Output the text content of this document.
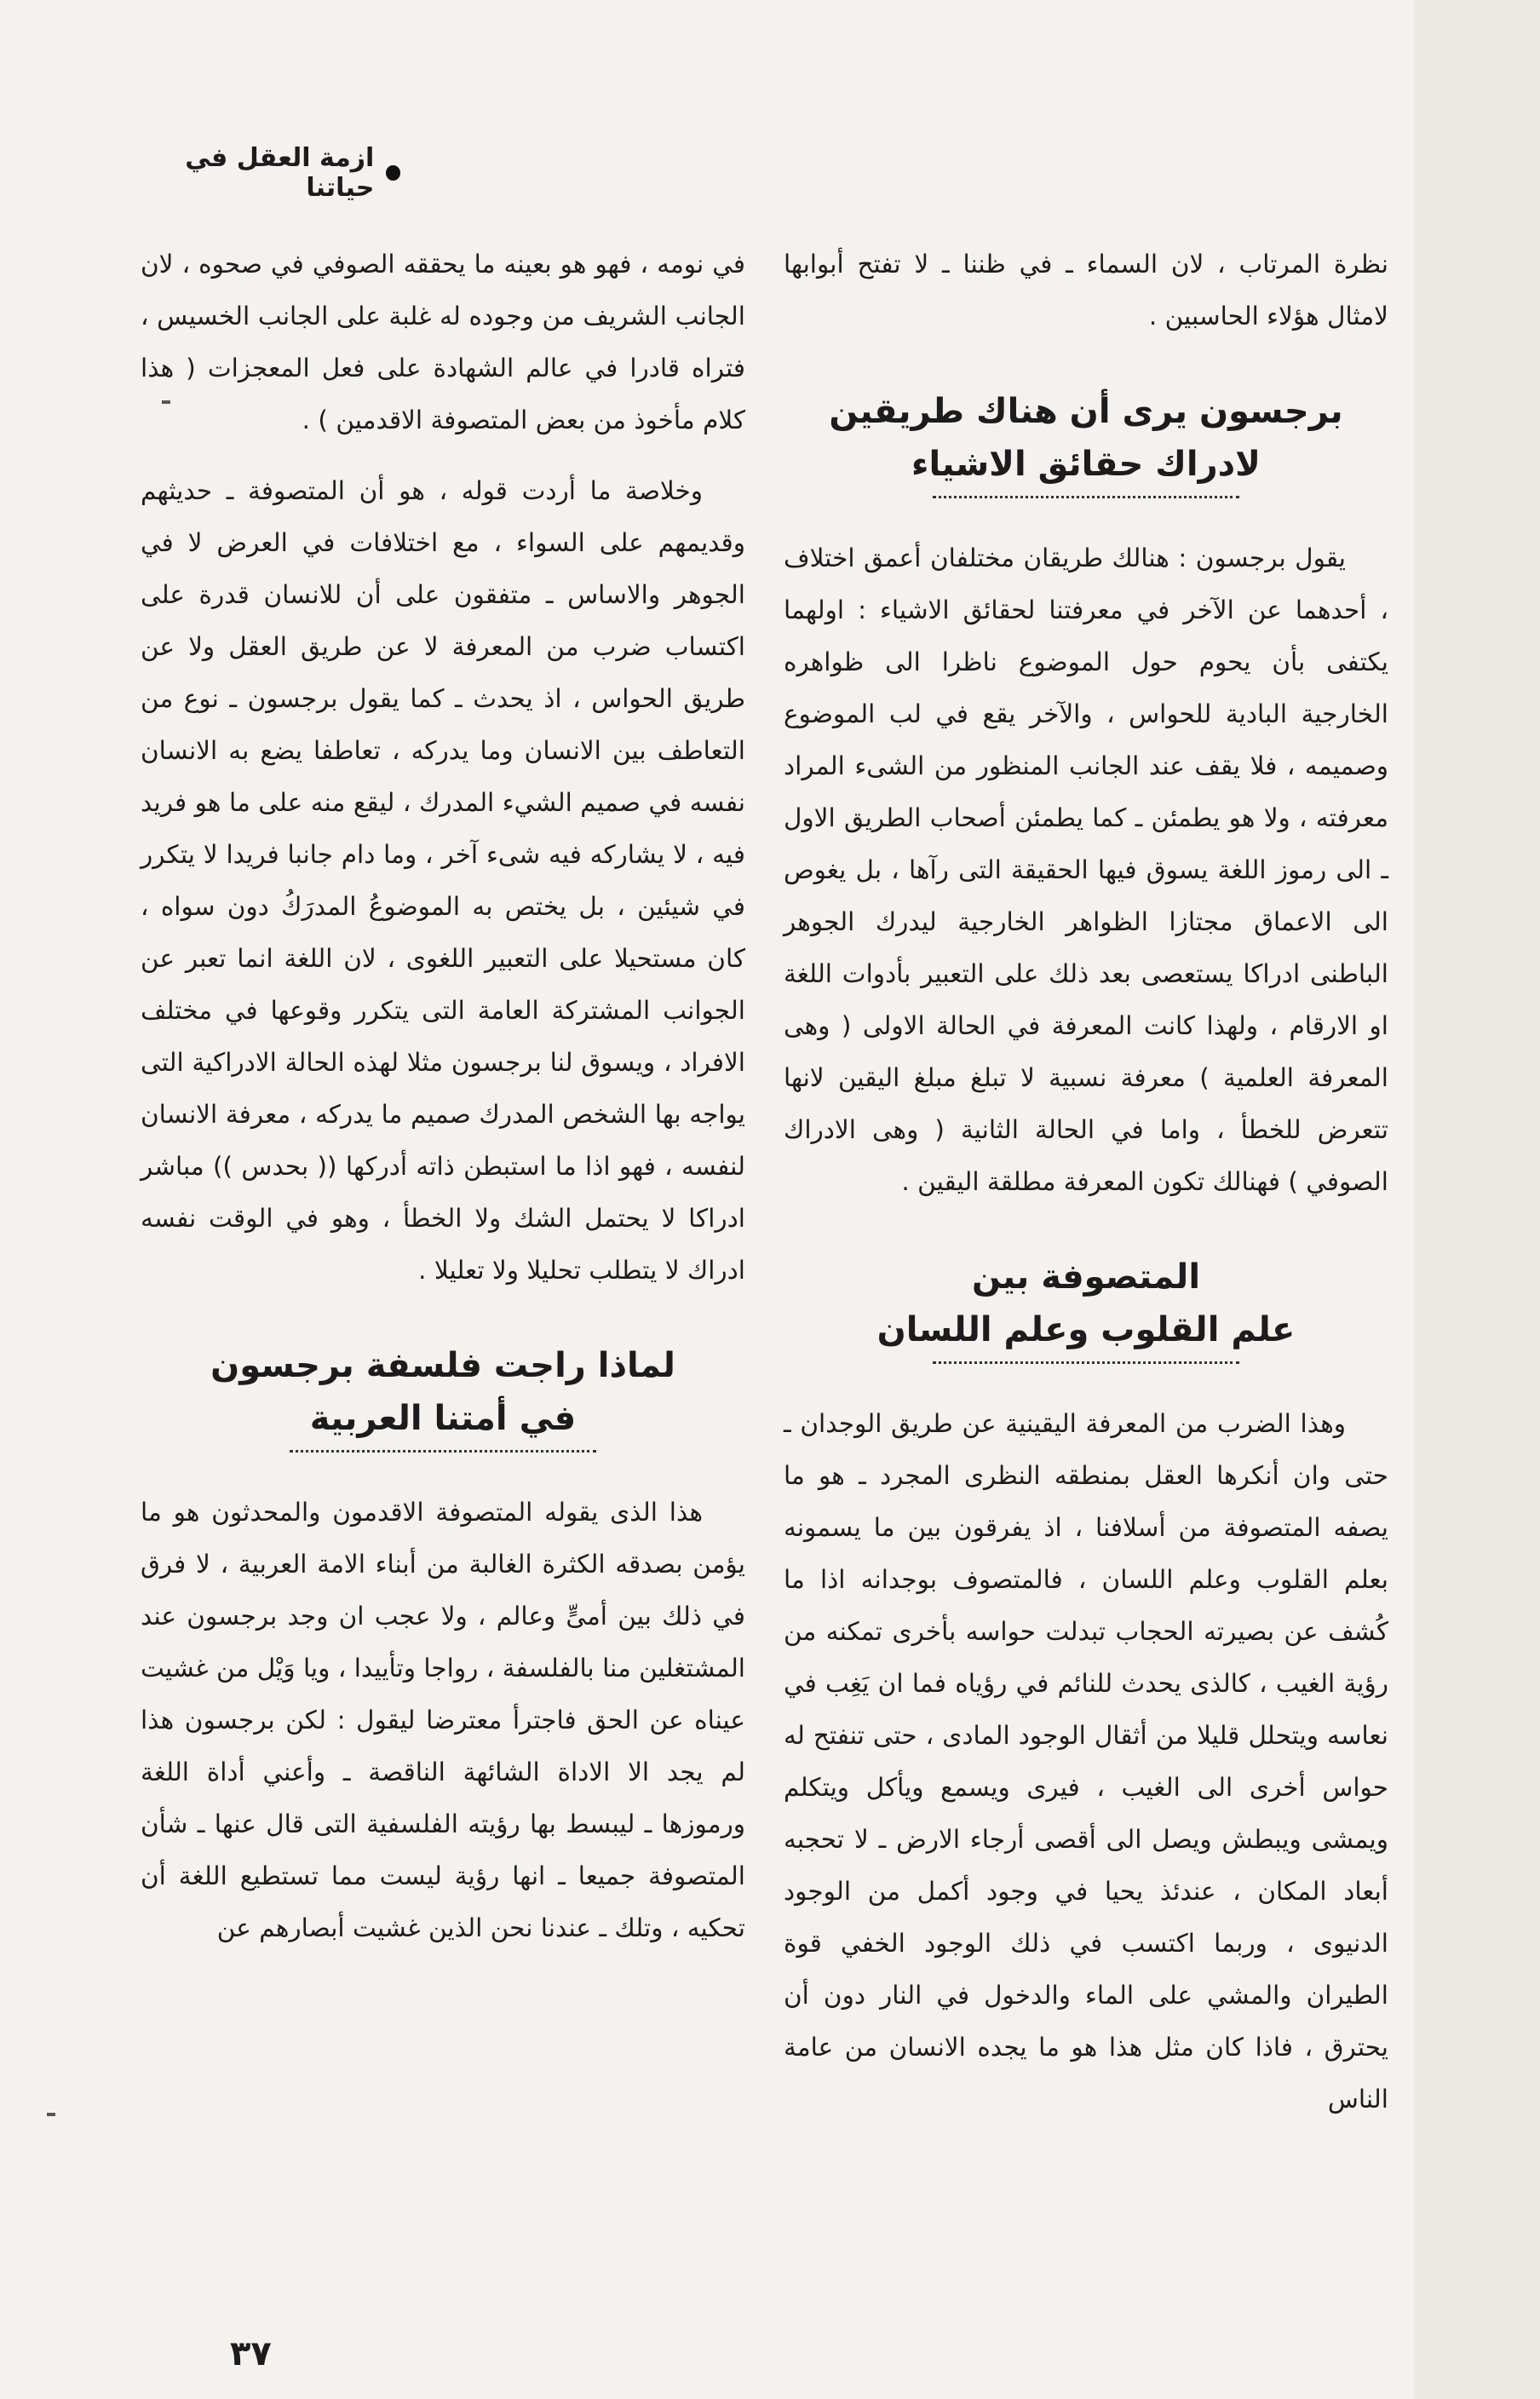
ازمة العقل في حياتنا

نظرة المرتاب ، لان السماء ـ في ظننا ـ لا تفتح أبوابها لامثال هؤلاء الحاسبين .

برجسون يرى أن هناك طريقين
لادراك حقائق الاشياء

يقول برجسون : هنالك طريقان مختلفان أعمق اختلاف ، أحدهما عن الآخر في معرفتنا لحقائق الاشياء : اولهما يكتفى بأن يحوم حول الموضوع ناظرا الى ظواهره الخارجية البادية للحواس ، والآخر يقع في لب الموضوع وصميمه ، فلا يقف عند الجانب المنظور من الشىء المراد معرفته ، ولا هو يطمئن ـ كما يطمئن أصحاب الطريق الاول ـ الى رموز اللغة يسوق فيها الحقيقة التى رآها ، بل يغوص الى الاعماق مجتازا الظواهر الخارجية ليدرك الجوهر الباطنى ادراكا يستعصى بعد ذلك على التعبير بأدوات اللغة او الارقام ، ولهذا كانت المعرفة في الحالة الاولى ( وهى المعرفة العلمية ) معرفة نسبية لا تبلغ مبلغ اليقين لانها تتعرض للخطأ ، واما في الحالة الثانية ( وهى الادراك الصوفي ) فهنالك تكون المعرفة مطلقة اليقين .

المتصوفة بين
علم القلوب وعلم اللسان

وهذا الضرب من المعرفة اليقينية عن طريق الوجدان ـ حتى وان أنكرها العقل بمنطقه النظرى المجرد ـ هو ما يصفه المتصوفة من أسلافنا ، اذ يفرقون بين ما يسمونه بعلم القلوب وعلم اللسان ، فالمتصوف بوجدانه اذا ما كُشف عن بصيرته الحجاب تبدلت حواسه بأخرى تمكنه من رؤية الغيب ، كالذى يحدث للنائم في رؤياه فما ان يَغِب في نعاسه ويتحلل قليلا من أثقال الوجود المادى ، حتى تنفتح له حواس أخرى الى الغيب ، فيرى ويسمع ويأكل ويتكلم ويمشى ويبطش ويصل الى أقصى أرجاء الارض ـ لا تحجبه أبعاد المكان ، عندئذ يحيا في وجود أكمل من الوجود الدنيوى ، وربما اكتسب في ذلك الوجود الخفي قوة الطيران والمشي على الماء والدخول في النار دون أن يحترق ، فاذا كان مثل هذا هو ما يجده الانسان من عامة الناس

في نومه ، فهو هو بعينه ما يحققه الصوفي في صحوه ، لان الجانب الشريف من وجوده له غلبة على الجانب الخسيس ، فتراه قادرا في عالم الشهادة على فعل المعجزات ( هذا كلام مأخوذ من بعض المتصوفة الاقدمين ) .

وخلاصة ما أردت قوله ، هو أن المتصوفة ـ حديثهم وقديمهم على السواء ، مع اختلافات في العرض لا في الجوهر والاساس ـ متفقون على أن للانسان قدرة على اكتساب ضرب من المعرفة لا عن طريق العقل ولا عن طريق الحواس ، اذ يحدث ـ كما يقول برجسون ـ نوع من التعاطف بين الانسان وما يدركه ، تعاطفا يضع به الانسان نفسه في صميم الشيء المدرك ، ليقع منه على ما هو فريد فيه ، لا يشاركه فيه شىء آخر ، وما دام جانبا فريدا لا يتكرر في شيئين ، بل يختص به الموضوعُ المدرَكُ دون سواه ، كان مستحيلا على التعبير اللغوى ، لان اللغة انما تعبر عن الجوانب المشتركة العامة التى يتكرر وقوعها في مختلف الافراد ، ويسوق لنا برجسون مثلا لهذه الحالة الادراكية التى يواجه بها الشخص المدرك صميم ما يدركه ، معرفة الانسان لنفسه ، فهو اذا ما استبطن ذاته أدركها (( بحدس )) مباشر ادراكا لا يحتمل الشك ولا الخطأ ، وهو في الوقت نفسه ادراك لا يتطلب تحليلا ولا تعليلا .

لماذا راجت فلسفة برجسون
في أمتنا العربية

هذا الذى يقوله المتصوفة الاقدمون والمحدثون هو ما يؤمن بصدقه الكثرة الغالبة من أبناء الامة العربية ، لا فرق في ذلك بين أمىٍّ وعالم ، ولا عجب ان وجد برجسون عند المشتغلين منا بالفلسفة ، رواجا وتأييدا ، ويا وَيْل من غشيت عيناه عن الحق فاجترأ معترضا ليقول : لكن برجسون هذا لم يجد الا الاداة الشائهة الناقصة ـ وأعني أداة اللغة ورموزها ـ ليبسط بها رؤيته الفلسفية التى قال عنها ـ شأن المتصوفة جميعا ـ انها رؤية ليست مما تستطيع اللغة أن تحكيه ، وتلك ـ عندنا نحن الذين غشيت أبصارهم عن

٣٧
